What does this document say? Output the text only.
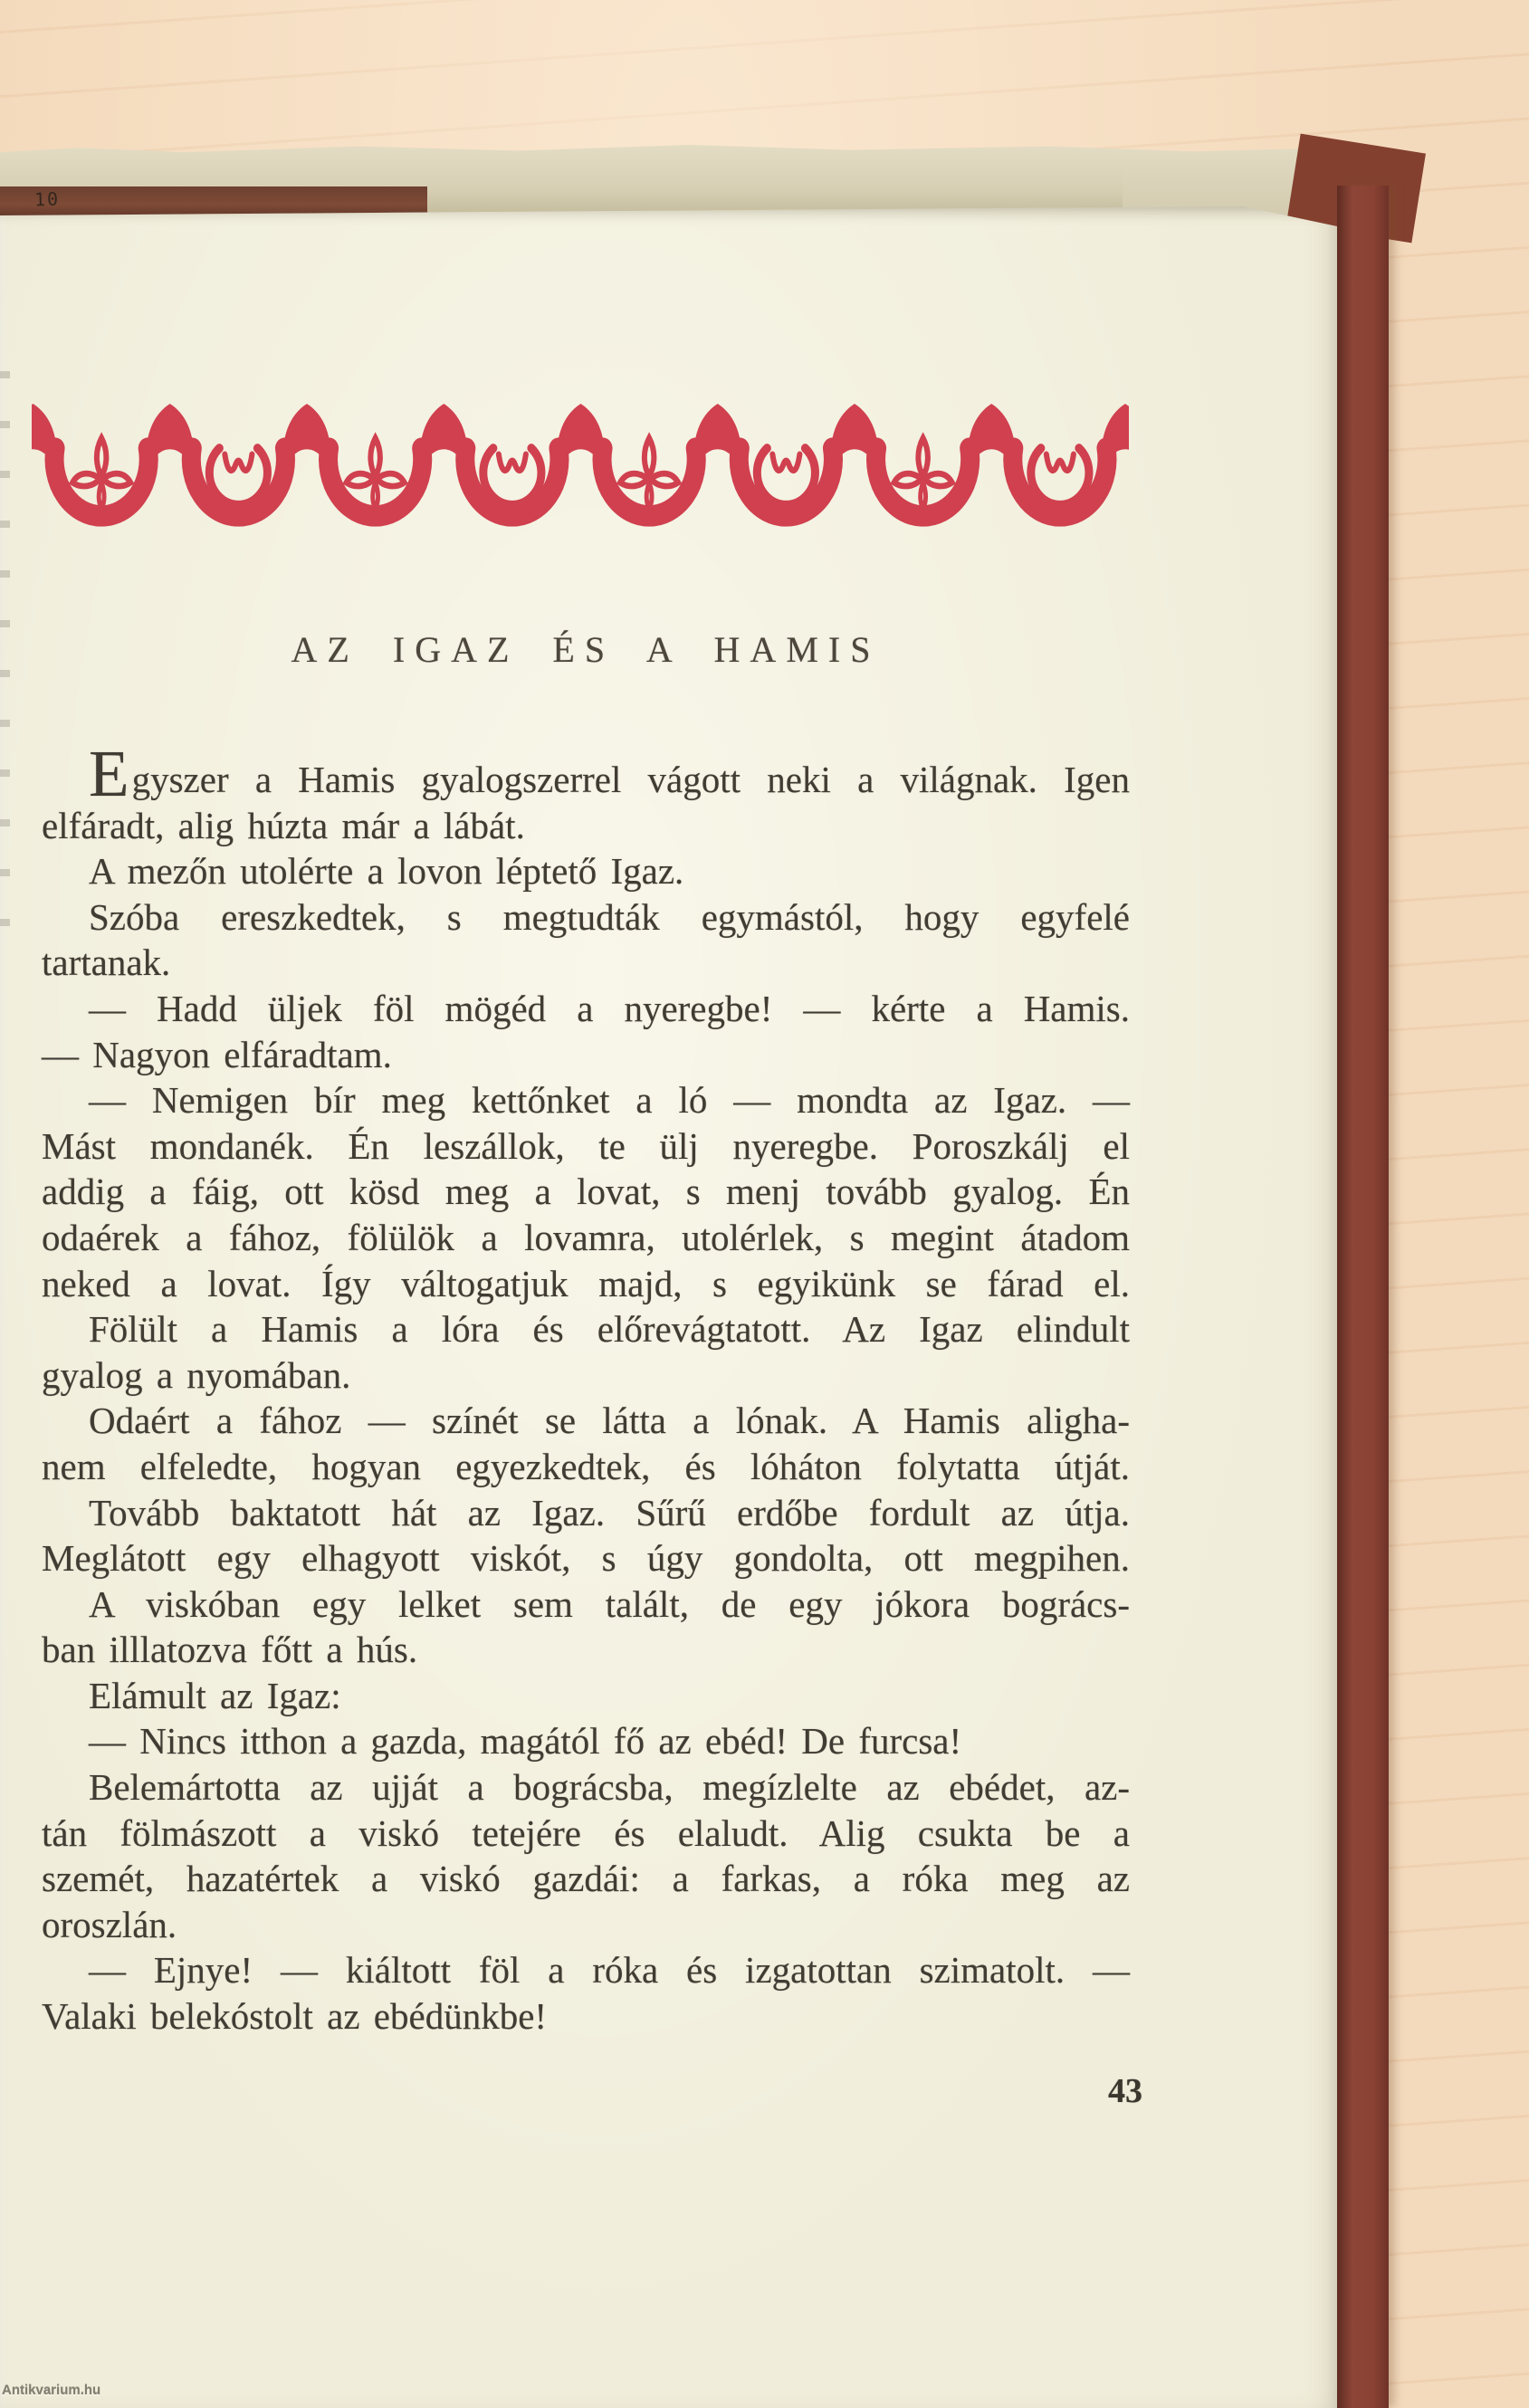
10
AZ IGAZ ÉS A HAMIS
Egyszer a Hamis gyalogszerrel vágott neki a világnak. Igen
elfáradt, alig húzta már a lábát.
A mezőn utolérte a lovon léptető Igaz.
Szóba ereszkedtek, s megtudták egymástól, hogy egyfelé
tartanak.
— Hadd üljek föl mögéd a nyeregbe! — kérte a Hamis.
— Nagyon elfáradtam.
— Nemigen bír meg kettőnket a ló — mondta az Igaz. —
Mást mondanék. Én leszállok, te ülj nyeregbe. Poroszkálj el
addig a fáig, ott kösd meg a lovat, s menj tovább gyalog. Én
odaérek a fához, fölülök a lovamra, utolérlek, s megint átadom
neked a lovat. Így váltogatjuk majd, s egyikünk se fárad el.
Fölült a Hamis a lóra és előrevágtatott. Az Igaz elindult
gyalog a nyomában.
Odaért a fához — színét se látta a lónak. A Hamis aligha-
nem elfeledte, hogyan egyezkedtek, és lóháton folytatta útját.
Tovább baktatott hát az Igaz. Sűrű erdőbe fordult az útja.
Meglátott egy elhagyott viskót, s úgy gondolta, ott megpihen.
A viskóban egy lelket sem talált, de egy jókora bogrács-
ban illlatozva főtt a hús.
Elámult az Igaz:
— Nincs itthon a gazda, magától fő az ebéd! De furcsa!
Belemártotta az ujját a bográcsba, megízlelte az ebédet, az-
tán fölmászott a viskó tetejére és elaludt. Alig csukta be a
szemét, hazatértek a viskó gazdái: a farkas, a róka meg az
oroszlán.
— Ejnye! — kiáltott föl a róka és izgatottan szimatolt. —
Valaki belekóstolt az ebédünkbe!
43
Antikvarium.hu
